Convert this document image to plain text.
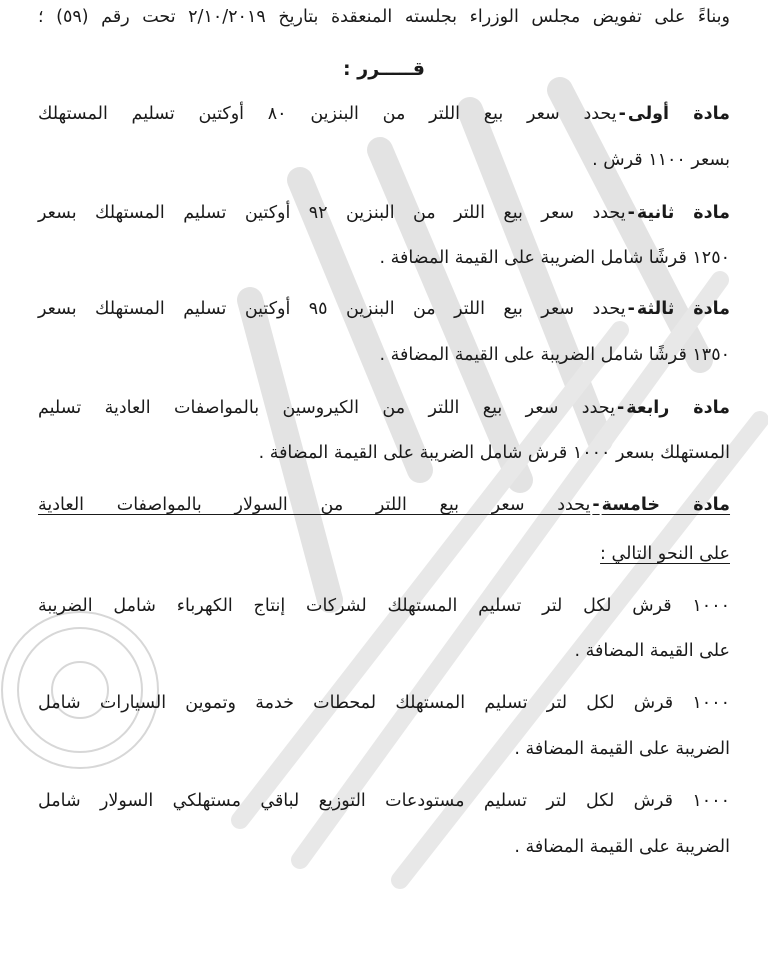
وبناءً على تفويض مجلس الوزراء بجلسته المنعقدة بتاريخ ٢/١٠/٢٠١٩ تحت رقم (٥٩) ؛
قـــــرر :
مادة أولى-يحدد سعر بيع اللتر من البنزين ٨٠ أوكتين تسليم المستهلك
بسعر ١١٠٠ قرش .
مادة ثانية-يحدد سعر بيع اللتر من البنزين ٩٢ أوكتين تسليم المستهلك بسعر
١٢٥٠ قرشًا شامل الضريبة على القيمة المضافة .
مادة ثالثة-يحدد سعر بيع اللتر من البنزين ٩٥ أوكتين تسليم المستهلك بسعر
١٣٥٠ قرشًا شامل الضريبة على القيمة المضافة .
مادة رابعة-يحدد سعر بيع اللتر من الكيروسين بالمواصفات العادية تسليم
المستهلك بسعر ١٠٠٠ قرش شامل الضريبة على القيمة المضافة .
مادة خامسة-يحدد سعر بيع اللتر من السولار بالمواصفات العادية
على النحو التالي :
١٠٠٠ قرش لكل لتر تسليم المستهلك لشركات إنتاج الكهرباء شامل الضريبة
على القيمة المضافة .
١٠٠٠ قرش لكل لتر تسليم المستهلك لمحطات خدمة وتموين السيارات شامل
الضريبة على القيمة المضافة .
١٠٠٠ قرش لكل لتر تسليم مستودعات التوزيع لباقي مستهلكي السولار شامل
الضريبة على القيمة المضافة .
